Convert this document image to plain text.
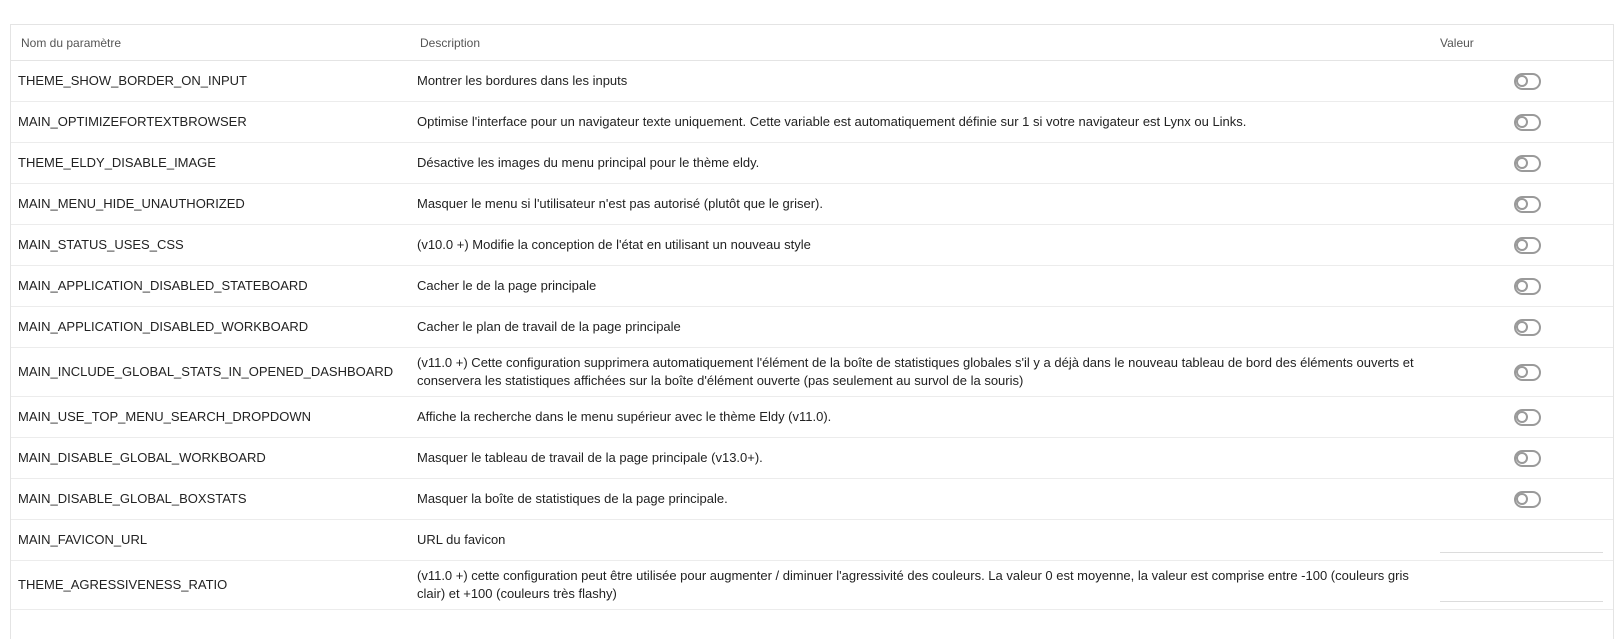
Nom du paramètre	Description	Valeur
THEME_SHOW_BORDER_ON_INPUT	Montrer les bordures dans les inputs	

MAIN_OPTIMIZEFORTEXTBROWSER	Optimise l'interface pour un navigateur texte uniquement. Cette variable est automatiquement définie sur 1 si votre navigateur est Lynx ou Links.	

THEME_ELDY_DISABLE_IMAGE	Désactive les images du menu principal pour le thème eldy.	

MAIN_MENU_HIDE_UNAUTHORIZED	Masquer le menu si l'utilisateur n'est pas autorisé (plutôt que le griser).	

MAIN_STATUS_USES_CSS	(v10.0 +) Modifie la conception de l'état en utilisant un nouveau style	

MAIN_APPLICATION_DISABLED_STATEBOARD	Cacher le de la page principale	

MAIN_APPLICATION_DISABLED_WORKBOARD	Cacher le plan de travail de la page principale	

MAIN_INCLUDE_GLOBAL_STATS_IN_OPENED_DASHBOARD	(v11.0 +) Cette configuration supprimera automatiquement l'élément de la boîte de statistiques globales s'il y a déjà dans le nouveau tableau de bord des éléments ouverts et conservera les statistiques affichées sur la boîte d'élément ouverte (pas seulement au survol de la souris)	

MAIN_USE_TOP_MENU_SEARCH_DROPDOWN	Affiche la recherche dans le menu supérieur avec le thème Eldy (v11.0).	

MAIN_DISABLE_GLOBAL_WORKBOARD	Masquer le tableau de travail de la page principale (v13.0+).	

MAIN_DISABLE_GLOBAL_BOXSTATS	Masquer la boîte de statistiques de la page principale.	

MAIN_FAVICON_URL	URL du favicon	

THEME_AGRESSIVENESS_RATIO	(v11.0 +) cette configuration peut être utilisée pour augmenter / diminuer l'agressivité des couleurs. La valeur 0 est moyenne, la valeur est comprise entre -100 (couleurs gris clair) et +100 (couleurs très flashy)	
